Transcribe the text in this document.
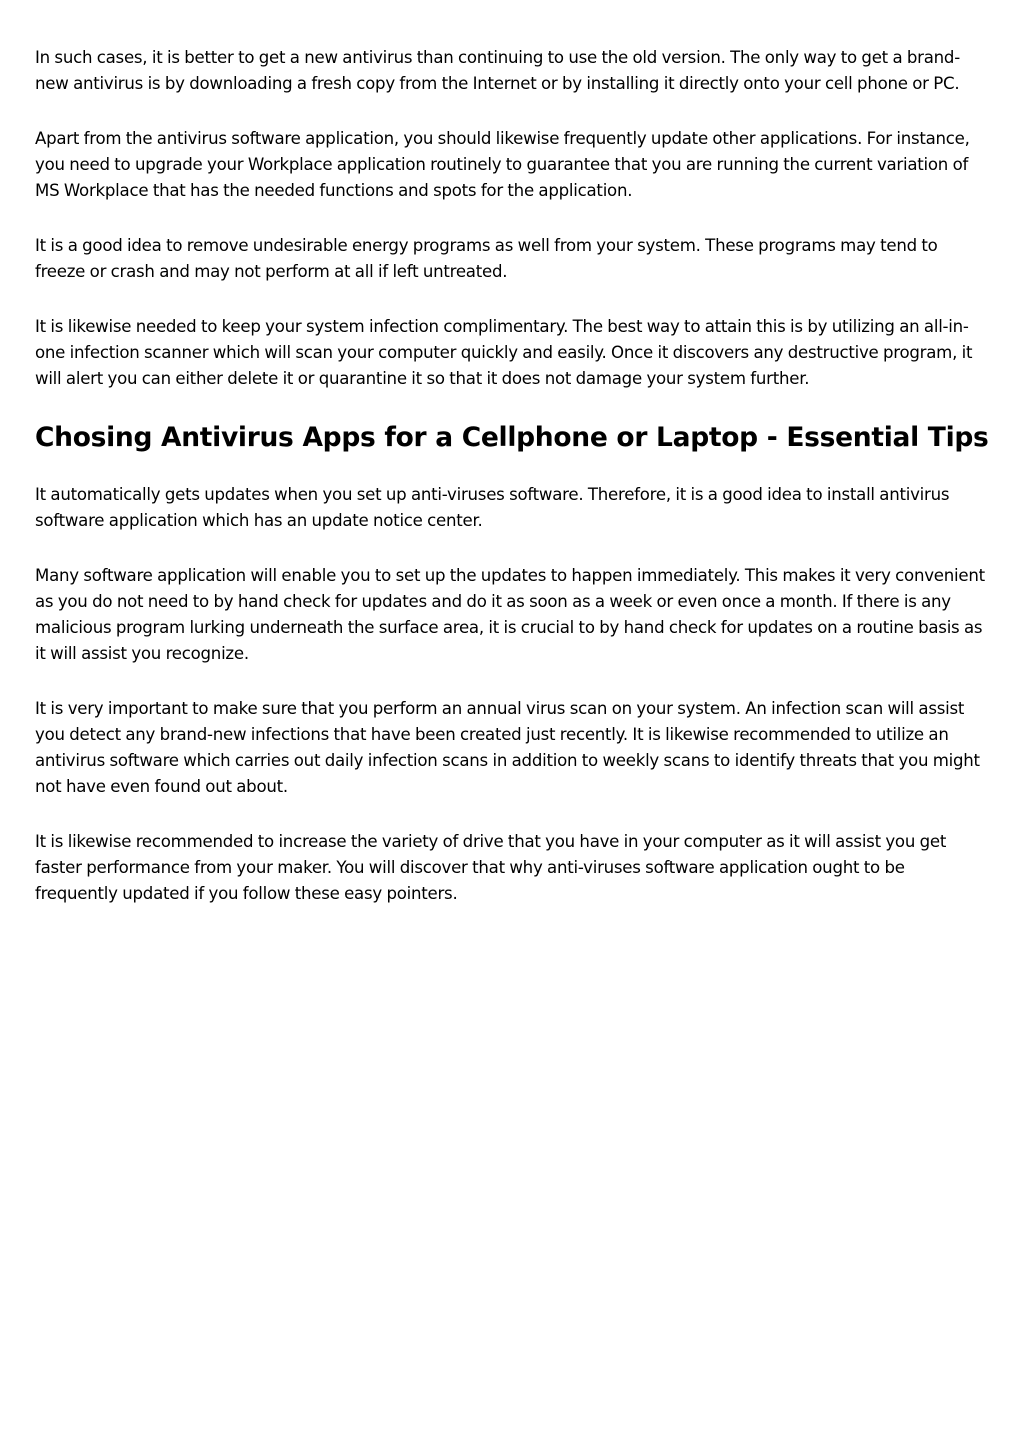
In such cases, it is better to get a new antivirus than continuing to use the old version. The only way to get a brand-new antivirus is by downloading a fresh copy from the Internet or by installing it directly onto your cell phone or PC.

Apart from the antivirus software application, you should likewise frequently update other applications. For instance, you need to upgrade your Workplace application routinely to guarantee that you are running the current variation of MS Workplace that has the needed functions and spots for the application.

It is a good idea to remove undesirable energy programs as well from your system. These programs may tend to freeze or crash and may not perform at all if left untreated.

It is likewise needed to keep your system infection complimentary. The best way to attain this is by utilizing an all-in-one infection scanner which will scan your computer quickly and easily. Once it discovers any destructive program, it will alert you can either delete it or quarantine it so that it does not damage your system further.

Chosing Antivirus Apps for a Cellphone or Laptop - Essential Tips

It automatically gets updates when you set up anti-viruses software. Therefore, it is a good idea to install antivirus software application which has an update notice center.

Many software application will enable you to set up the updates to happen immediately. This makes it very convenient as you do not need to by hand check for updates and do it as soon as a week or even once a month. If there is any malicious program lurking underneath the surface area, it is crucial to by hand check for updates on a routine basis as it will assist you recognize.

It is very important to make sure that you perform an annual virus scan on your system. An infection scan will assist you detect any brand-new infections that have been created just recently. It is likewise recommended to utilize an antivirus software which carries out daily infection scans in addition to weekly scans to identify threats that you might not have even found out about.

It is likewise recommended to increase the variety of drive that you have in your computer as it will assist you get faster performance from your maker. You will discover that why anti-viruses software application ought to be frequently updated if you follow these easy pointers.
